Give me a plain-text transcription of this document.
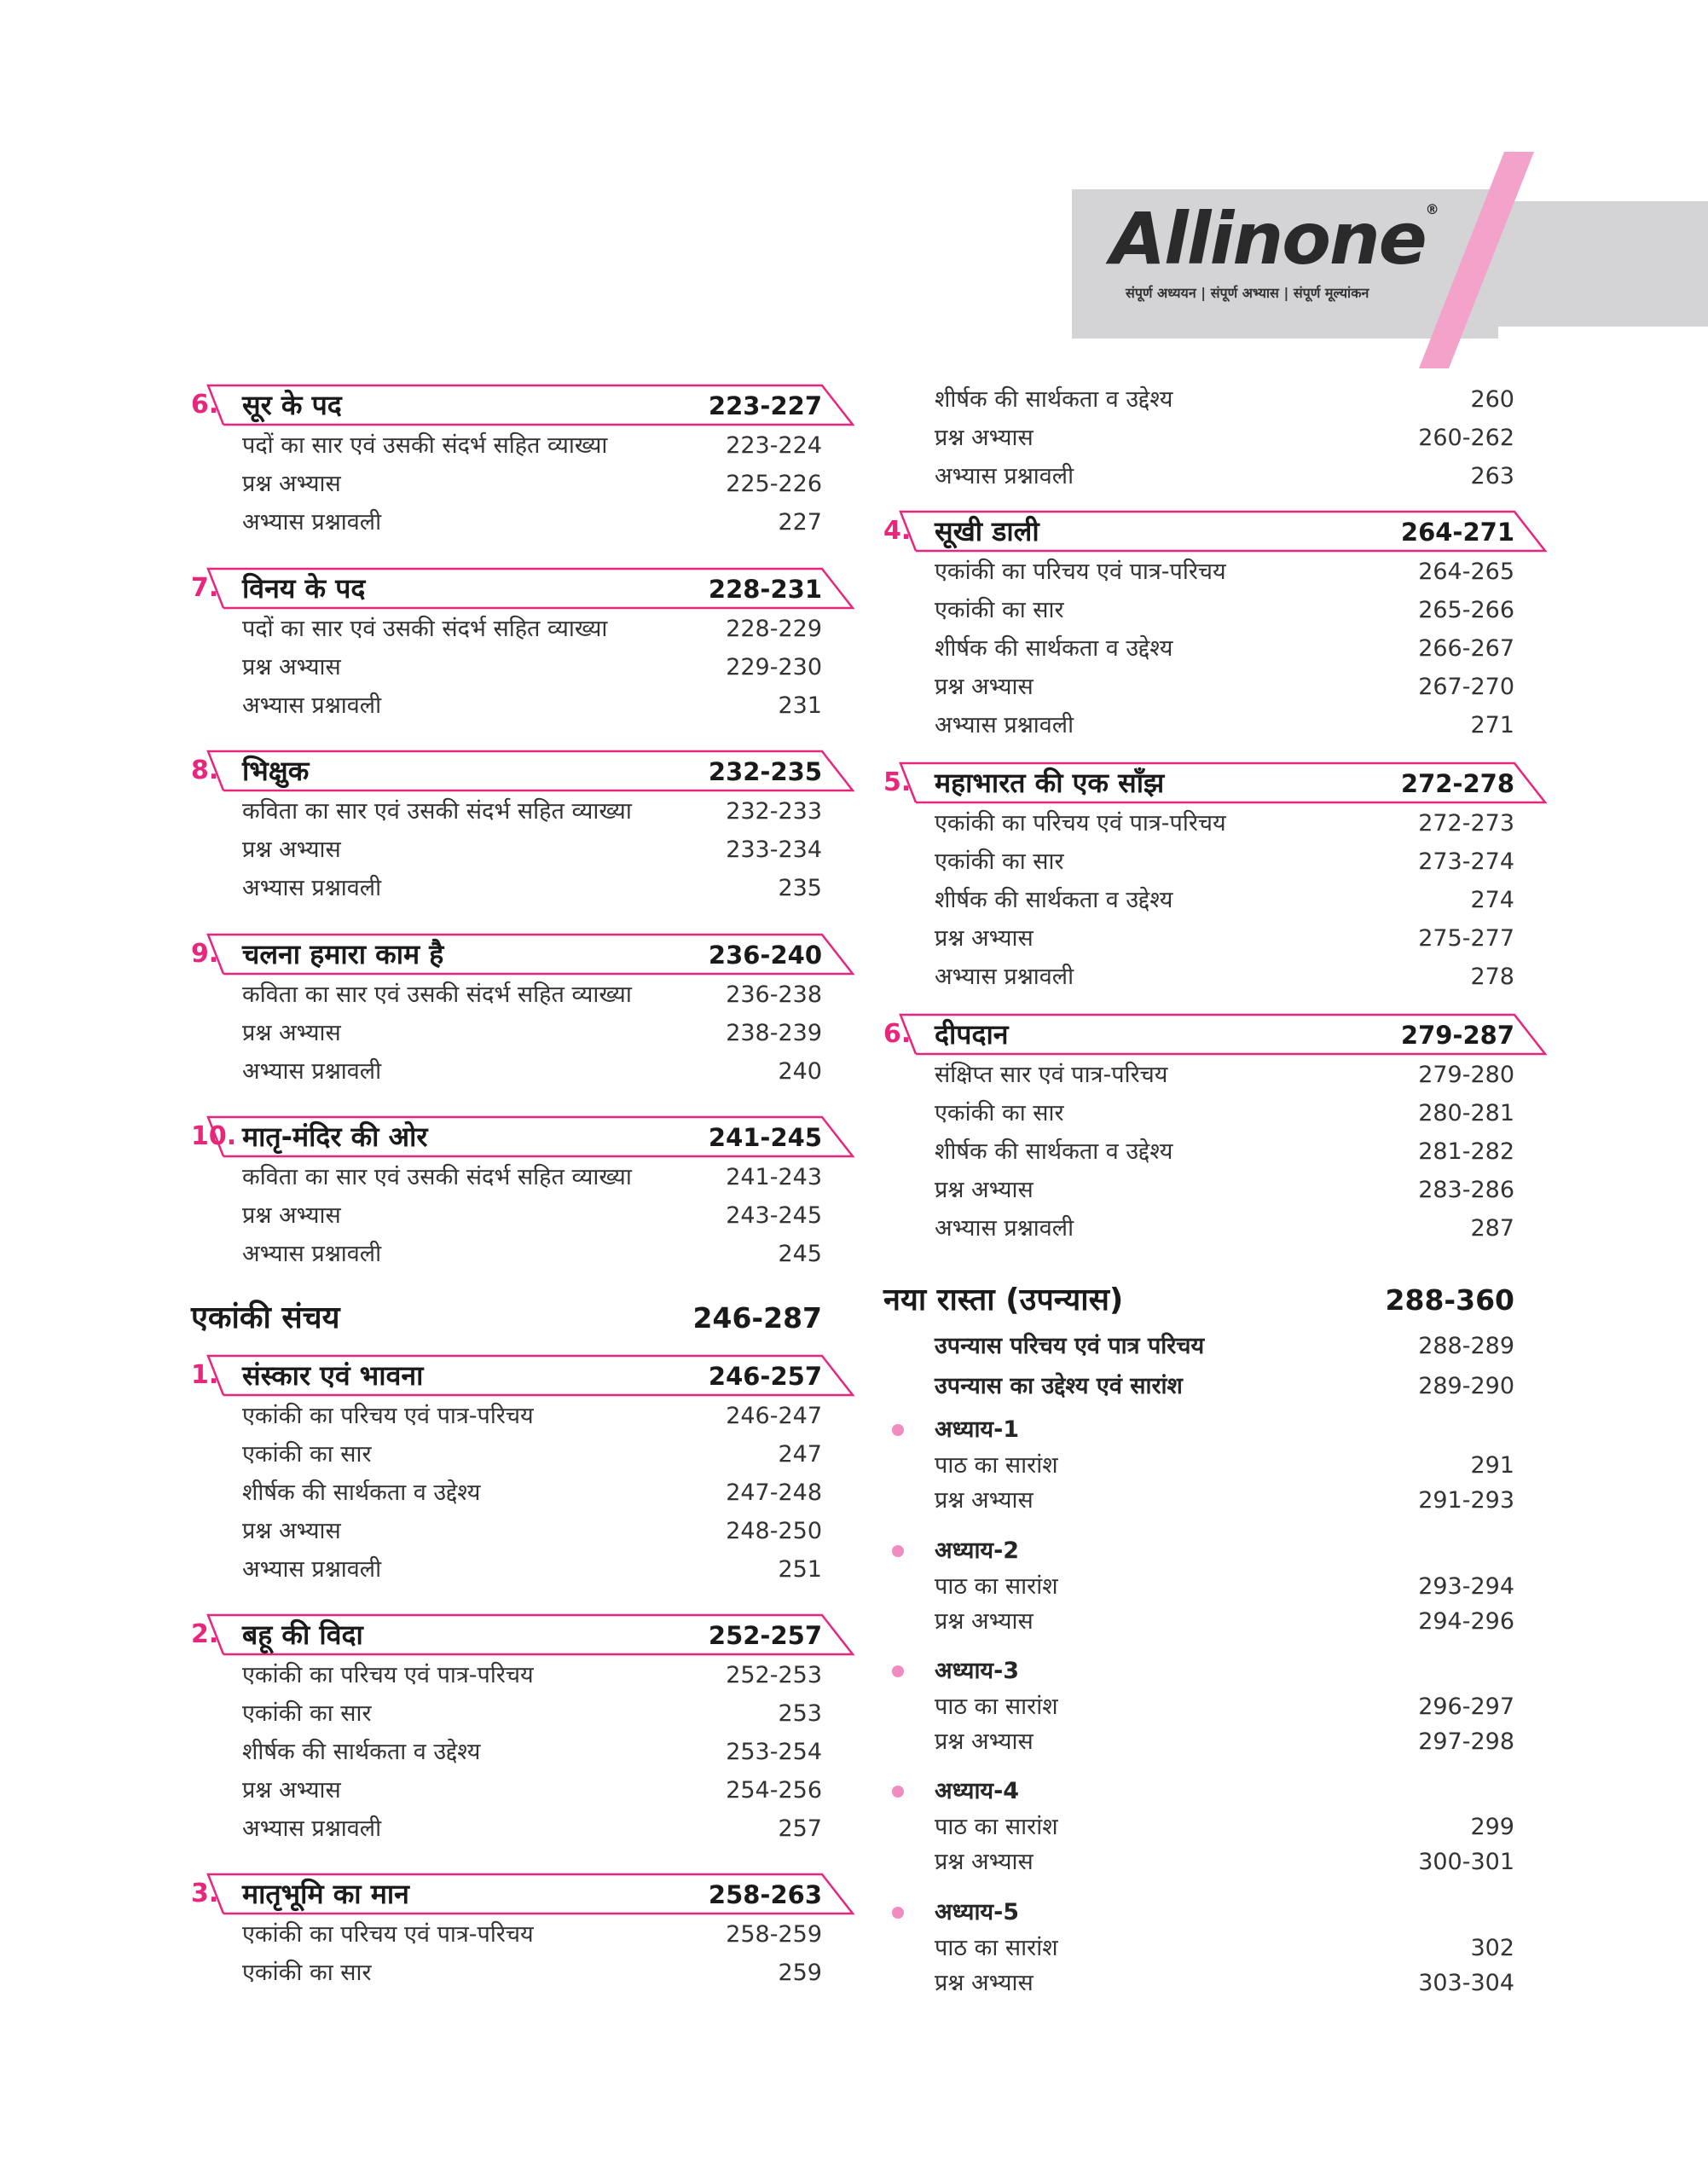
Allinone®
संपूर्ण अध्ययन | संपूर्ण अभ्यास | संपूर्ण मूल्यांकन
6. सूर के पद	223-227
पदों का सार एवं उसकी संदर्भ सहित व्याख्या	223-224
प्रश्न अभ्यास	225-226
अभ्यास प्रश्नावली	227
7. विनय के पद	228-231
पदों का सार एवं उसकी संदर्भ सहित व्याख्या	228-229
प्रश्न अभ्यास	229-230
अभ्यास प्रश्नावली	231
8. भिक्षुक	232-235
कविता का सार एवं उसकी संदर्भ सहित व्याख्या	232-233
प्रश्न अभ्यास	233-234
अभ्यास प्रश्नावली	235
9. चलना हमारा काम है	236-240
कविता का सार एवं उसकी संदर्भ सहित व्याख्या	236-238
प्रश्न अभ्यास	238-239
अभ्यास प्रश्नावली	240
10. मातृ-मंदिर की ओर	241-245
कविता का सार एवं उसकी संदर्भ सहित व्याख्या	241-243
प्रश्न अभ्यास	243-245
अभ्यास प्रश्नावली	245
एकांकी संचय	246-287
1. संस्कार एवं भावना	246-257
एकांकी का परिचय एवं पात्र-परिचय	246-247
एकांकी का सार	247
शीर्षक की सार्थकता व उद्देश्य	247-248
प्रश्न अभ्यास	248-250
अभ्यास प्रश्नावली	251
2. बहू की विदा	252-257
एकांकी का परिचय एवं पात्र-परिचय	252-253
एकांकी का सार	253
शीर्षक की सार्थकता व उद्देश्य	253-254
प्रश्न अभ्यास	254-256
अभ्यास प्रश्नावली	257
3. मातृभूमि का मान	258-263
एकांकी का परिचय एवं पात्र-परिचय	258-259
एकांकी का सार	259
शीर्षक की सार्थकता व उद्देश्य	260
प्रश्न अभ्यास	260-262
अभ्यास प्रश्नावली	263
4. सूखी डाली	264-271
एकांकी का परिचय एवं पात्र-परिचय	264-265
एकांकी का सार	265-266
शीर्षक की सार्थकता व उद्देश्य	266-267
प्रश्न अभ्यास	267-270
अभ्यास प्रश्नावली	271
5. महाभारत की एक साँझ	272-278
एकांकी का परिचय एवं पात्र-परिचय	272-273
एकांकी का सार	273-274
शीर्षक की सार्थकता व उद्देश्य	274
प्रश्न अभ्यास	275-277
अभ्यास प्रश्नावली	278
6. दीपदान	279-287
संक्षिप्त सार एवं पात्र-परिचय	279-280
एकांकी का सार	280-281
शीर्षक की सार्थकता व उद्देश्य	281-282
प्रश्न अभ्यास	283-286
अभ्यास प्रश्नावली	287
नया रास्ता (उपन्यास)	288-360
उपन्यास परिचय एवं पात्र परिचय	288-289
उपन्यास का उद्देश्य एवं सारांश	289-290
अध्याय-1
पाठ का सारांश	291
प्रश्न अभ्यास	291-293
अध्याय-2
पाठ का सारांश	293-294
प्रश्न अभ्यास	294-296
अध्याय-3
पाठ का सारांश	296-297
प्रश्न अभ्यास	297-298
अध्याय-4
पाठ का सारांश	299
प्रश्न अभ्यास	300-301
अध्याय-5
पाठ का सारांश	302
प्रश्न अभ्यास	303-304
